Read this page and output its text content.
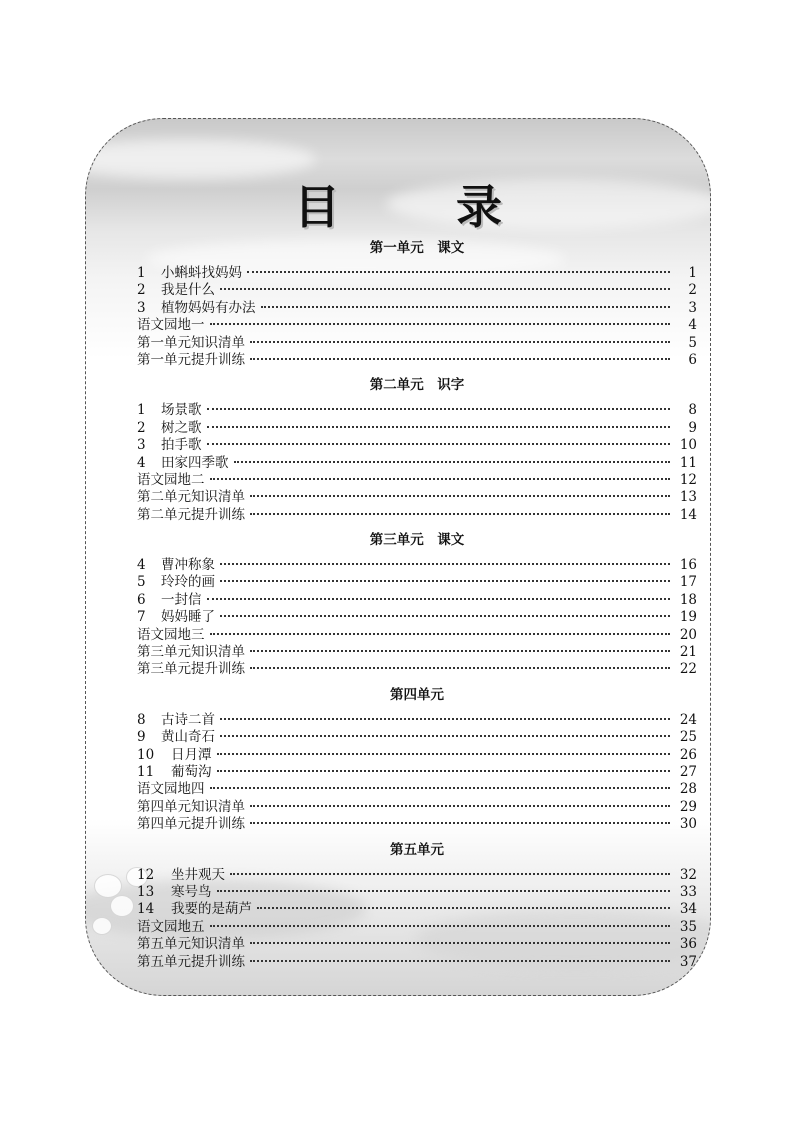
目 录
第一单元　课文
1	小蝌蚪找妈妈	1
2	我是什么	2
3	植物妈妈有办法	3
语文园地一	4
第一单元知识清单	5
第一单元提升训练	6
第二单元　识字
1	场景歌	8
2	树之歌	9
3	拍手歌	10
4	田家四季歌	11
语文园地二	12
第二单元知识清单	13
第二单元提升训练	14
第三单元　课文
4	曹冲称象	16
5	玲玲的画	17
6	一封信	18
7	妈妈睡了	19
语文园地三	20
第三单元知识清单	21
第三单元提升训练	22
第四单元
8	古诗二首	24
9	黄山奇石	25
10	日月潭	26
11	葡萄沟	27
语文园地四	28
第四单元知识清单	29
第四单元提升训练	30
第五单元
12	坐井观天	32
13	寒号鸟	33
14	我要的是葫芦	34
语文园地五	35
第五单元知识清单	36
第五单元提升训练	37
